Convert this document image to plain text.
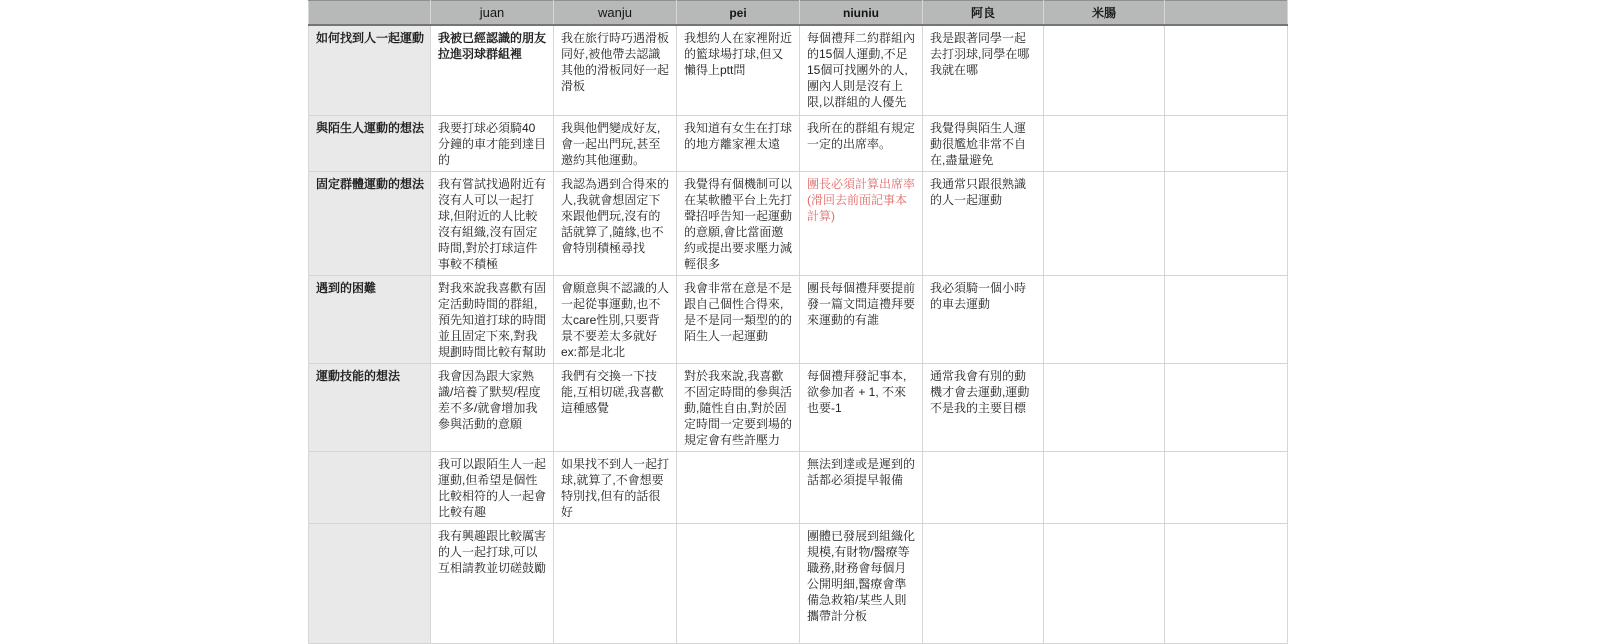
	juan	wanju	pei	niuniu	阿良	米腸	
如何找到人一起運動	我被已經認識的朋友拉進羽球群組裡	我在旅行時巧遇滑板同好,被他帶去認識其他的滑板同好一起滑板	我想約人在家裡附近的籃球場打球,但又懶得上ptt問	每個禮拜二約群組內的15個人運動,不足15個可找團外的人,團內人則是沒有上限,以群組的人優先	我是跟著同學一起去打羽球,同學在哪我就在哪		

與陌生人運動的想法	我要打球必須騎40分鐘的車才能到達目的	我與他們變成好友,會一起出門玩,甚至邀約其他運動。	我知道有女生在打球的地方離家裡太遠	我所在的群組有規定一定的出席率。	我覺得與陌生人運動很尷尬非常不自在,盡量避免		

固定群體運動的想法	我有嘗試找過附近有沒有人可以一起打球,但附近的人比較沒有組織,沒有固定時間,對於打球這件事較不積極	我認為遇到合得來的人,我就會想固定下來跟他們玩,沒有的話就算了,隨緣,也不會特別積極尋找	我覺得有個機制可以在某軟體平台上先打聲招呼告知一起運動的意願,會比當面邀約或提出要求壓力減輕很多	團長必須計算出席率(滑回去前面記事本計算)	我通常只跟很熟識的人一起運動		

遇到的困難	對我來說我喜歡有固定活動時間的群組,預先知道打球的時間並且固定下來,對我規劃時間比較有幫助	會願意與不認識的人一起從事運動,也不太care性別,只要背景不要差太多就好ex:都是北北	我會非常在意是不是跟自己個性合得來,是不是同一類型的的陌生人一起運動	團長每個禮拜要提前發一篇文問這禮拜要來運動的有誰	我必須騎一個小時的車去運動		

運動技能的想法	我會因為跟大家熟識/培養了默契/程度差不多/就會增加我參與活動的意願	我們有交換一下技能,互相切磋,我喜歡這種感覺	對於我來說,我喜歡不固定時間的參與活動,隨性自由,對於固定時間一定要到場的規定會有些許壓力	每個禮拜發記事本,欲參加者 + 1, 不來也要-1	通常我會有別的動機才會去運動,運動不是我的主要目標		

	我可以跟陌生人一起運動,但希望是個性比較相符的人一起會比較有趣	如果找不到人一起打球,就算了,不會想要特別找,但有的話很好		無法到達或是遲到的話都必須提早報備			

	我有興趣跟比較厲害的人一起打球,可以互相請教並切磋鼓勵			團體已發展到組織化規模,有財物/醫療等職務,財務會每個月公開明細,醫療會準備急救箱/某些人則攜帶計分板			
